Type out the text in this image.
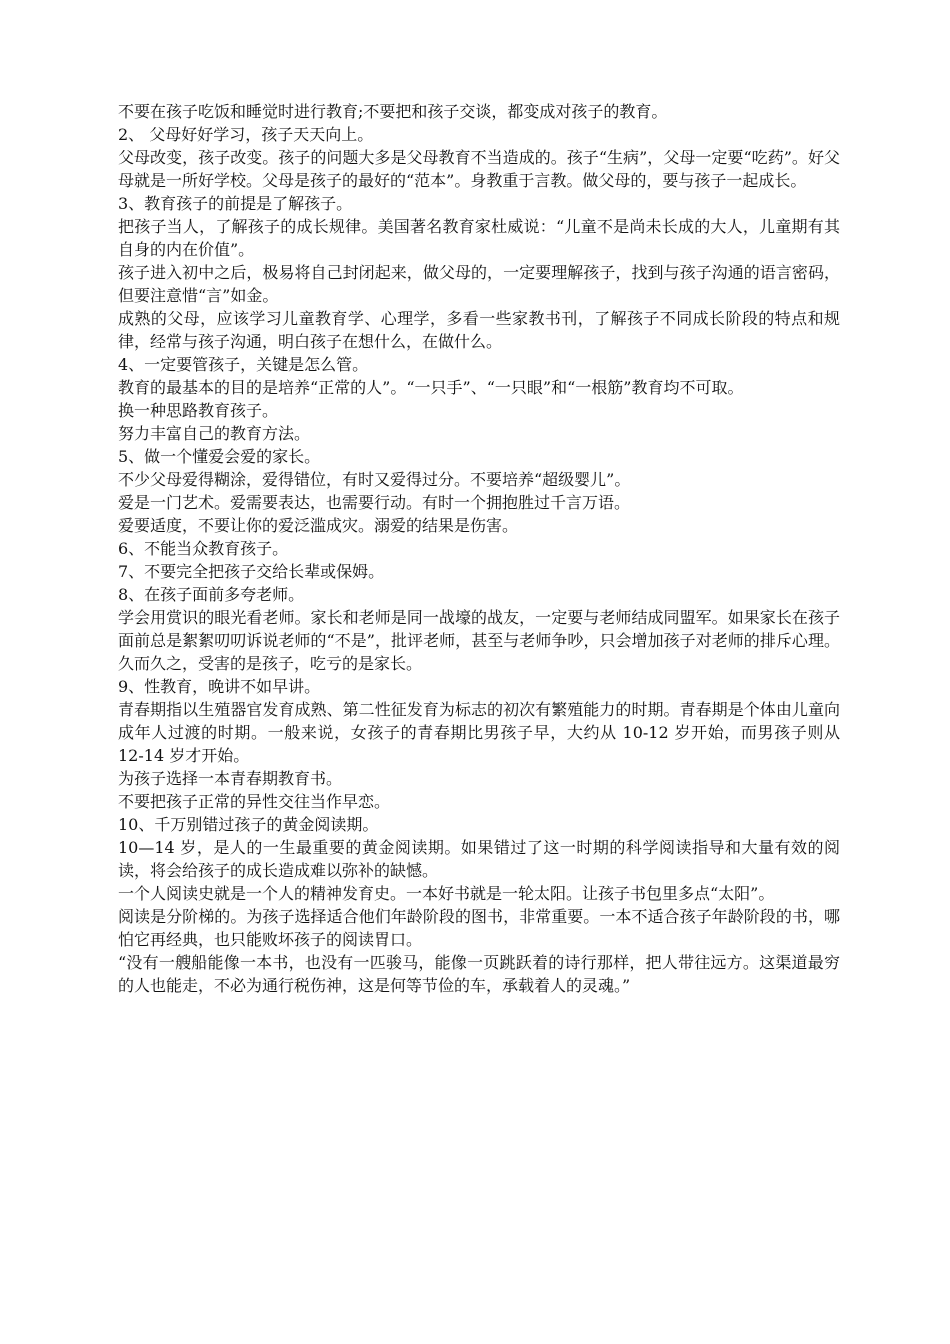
不要在孩子吃饭和睡觉时进行教育;不要把和孩子交谈，都变成对孩子的教育。

2、 父母好好学习，孩子天天向上。

父母改变，孩子改变。孩子的问题大多是父母教育不当造成的。孩子“生病”，父母一定要“吃药”。好父母就是一所好学校。父母是孩子的最好的“范本”。身教重于言教。做父母的，要与孩子一起成长。

3、教育孩子的前提是了解孩子。

把孩子当人，了解孩子的成长规律。美国著名教育家杜威说：“儿童不是尚未长成的大人，儿童期有其自身的内在价值”。

孩子进入初中之后，极易将自己封闭起来，做父母的，一定要理解孩子，找到与孩子沟通的语言密码，但要注意惜“言”如金。

成熟的父母，应该学习儿童教育学、心理学，多看一些家教书刊，了解孩子不同成长阶段的特点和规律，经常与孩子沟通，明白孩子在想什么，在做什么。

4、一定要管孩子，关键是怎么管。

教育的最基本的目的是培养“正常的人”。“一只手”、“一只眼”和“一根筋”教育均不可取。

换一种思路教育孩子。

努力丰富自己的教育方法。

5、做一个懂爱会爱的家长。

不少父母爱得糊涂，爱得错位，有时又爱得过分。不要培养“超级婴儿”。

爱是一门艺术。爱需要表达，也需要行动。有时一个拥抱胜过千言万语。

爱要适度，不要让你的爱泛滥成灾。溺爱的结果是伤害。

6、不能当众教育孩子。

7、不要完全把孩子交给长辈或保姆。

8、在孩子面前多夸老师。

学会用赏识的眼光看老师。家长和老师是同一战壕的战友，一定要与老师结成同盟军。如果家长在孩子面前总是絮絮叨叨诉说老师的“不是”，批评老师，甚至与老师争吵，只会增加孩子对老师的排斥心理。久而久之，受害的是孩子，吃亏的是家长。

9、性教育，晚讲不如早讲。

青春期指以生殖器官发育成熟、第二性征发育为标志的初次有繁殖能力的时期。青春期是个体由儿童向成年人过渡的时期。一般来说，女孩子的青春期比男孩子早，大约从 10-12 岁开始，而男孩子则从 12-14 岁才开始。

为孩子选择一本青春期教育书。

不要把孩子正常的异性交往当作早恋。

10、千万别错过孩子的黄金阅读期。

10—14 岁，是人的一生最重要的黄金阅读期。如果错过了这一时期的科学阅读指导和大量有效的阅读，将会给孩子的成长造成难以弥补的缺憾。

一个人阅读史就是一个人的精神发育史。一本好书就是一轮太阳。让孩子书包里多点“太阳”。

阅读是分阶梯的。为孩子选择适合他们年龄阶段的图书，非常重要。一本不适合孩子年龄阶段的书，哪怕它再经典，也只能败坏孩子的阅读胃口。

“没有一艘船能像一本书，也没有一匹骏马，能像一页跳跃着的诗行那样，把人带往远方。这渠道最穷的人也能走，不必为通行税伤神，这是何等节俭的车，承载着人的灵魂。”
